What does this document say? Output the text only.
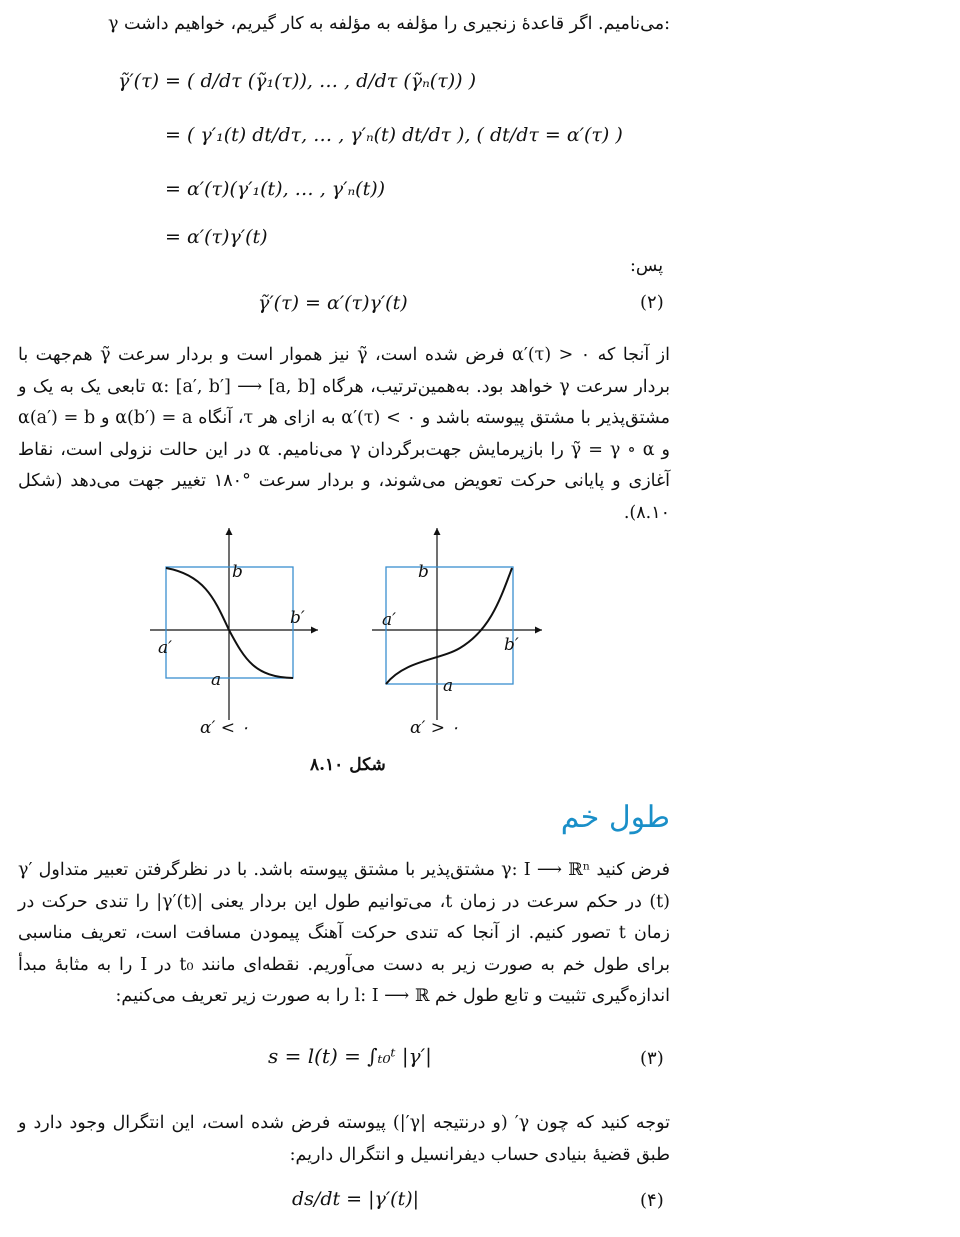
γ می‌نامیم. اگر قاعدهٔ زنجیری را مؤلفه به مؤلفه به کار گیریم، خواهیم داشت:
γ̃′(τ) = ( d/dτ (γ̃₁(τ)), … , d/dτ (γ̃ₙ(τ)) )
= ( γ′₁(t) dt/dτ, … , γ′ₙ(t) dt/dτ ), ( dt/dτ = α′(τ) )
= α′(τ)(γ′₁(t), … , γ′ₙ(t))
= α′(τ)γ′(t)
پس:
γ̃′(τ) = α′(τ)γ′(t)	(۲)
از آنجا که ۰ < α′(τ) فرض شده است، γ̃ نیز هموار است و بردار سرعت γ̃ هم‌جهت با بردار سرعت γ خواهد بود. به‌همین‌ترتیب، هرگاه α: [a′, b′] ⟶ [a, b] تابعی یک به یک و مشتق‌پذیر با مشتق پیوسته باشد و ۰ > α′(τ) به ازای هر τ، آنگاه α(b′) = a و α(a′) = b و γ̃ = γ ∘ α را بازپرمایش جهت‌برگردان γ می‌نامیم. α در این حالت نزولی است، نقاط آغازی و پایانی حرکت تعویض می‌شوند، و بردار سرعت °۱۸۰ تغییر جهت می‌دهد (شکل ۸.۱۰).
b
b′
a′
a
α′ < ۰
b
a′
b′
a
α′ > ۰
شکل ۸.۱۰
طول خم
فرض کنید γ: I ⟶ ℝⁿ مشتق‌پذیر با مشتق پیوسته باشد. با در نظرگرفتن تعبیر متداول γ′(t) در حکم سرعت در زمان t، می‌توانیم طول این بردار یعنی |γ′(t)| را تندی حرکت در زمان t تصور کنیم. از آنجا که تندی حرکت آهنگ پیمودن مسافت است، تعریف مناسبی برای طول خم به صورت زیر به دست می‌آوریم. نقطه‌ای مانند t₀ در I را به مثابهٔ مبدأ اندازه‌گیری تثبیت و تابع طول خم l: I ⟶ ℝ را به صورت زیر تعریف می‌کنیم:
s = l(t) = ∫ₜ₀ᵗ |γ′|	(۳)
توجه کنید که چون γ′ (و درنتیجه |γ′|) پیوسته فرض شده است، این انتگرال وجود دارد و طبق قضیهٔ بنیادی حساب دیفرانسیل و انتگرال داریم:
ds/dt = |γ′(t)|	(۴)
